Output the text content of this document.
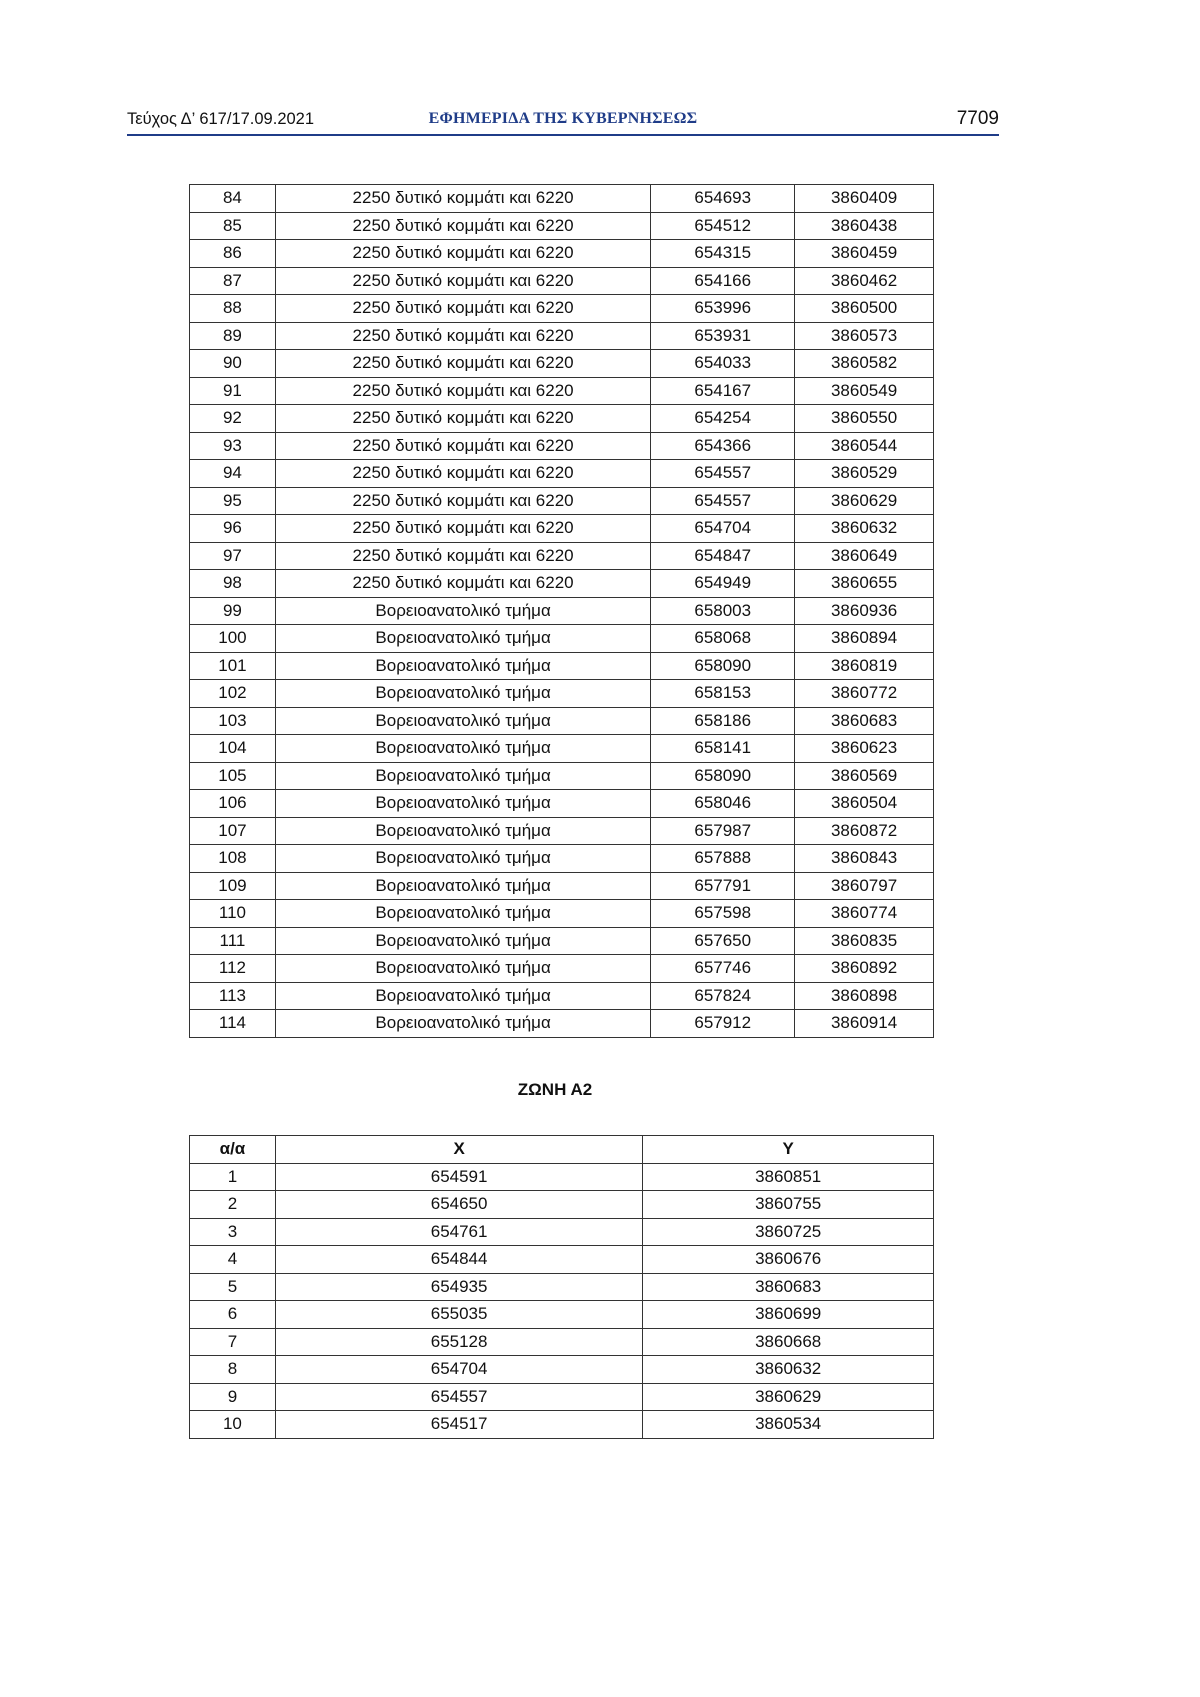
Τεύχος Δ’ 617/17.09.2021	ΕΦΗΜΕΡΙΔΑ ΤΗΣ ΚΥΒΕΡΝΗΣΕΩΣ	7709
84	2250 δυτικό κομμάτι και 6220	654693	3860409
85	2250 δυτικό κομμάτι και 6220	654512	3860438
86	2250 δυτικό κομμάτι και 6220	654315	3860459
87	2250 δυτικό κομμάτι και 6220	654166	3860462
88	2250 δυτικό κομμάτι και 6220	653996	3860500
89	2250 δυτικό κομμάτι και 6220	653931	3860573
90	2250 δυτικό κομμάτι και 6220	654033	3860582
91	2250 δυτικό κομμάτι και 6220	654167	3860549
92	2250 δυτικό κομμάτι και 6220	654254	3860550
93	2250 δυτικό κομμάτι και 6220	654366	3860544
94	2250 δυτικό κομμάτι και 6220	654557	3860529
95	2250 δυτικό κομμάτι και 6220	654557	3860629
96	2250 δυτικό κομμάτι και 6220	654704	3860632
97	2250 δυτικό κομμάτι και 6220	654847	3860649
98	2250 δυτικό κομμάτι και 6220	654949	3860655
99	Βορειοανατολικό τμήμα	658003	3860936
100	Βορειοανατολικό τμήμα	658068	3860894
101	Βορειοανατολικό τμήμα	658090	3860819
102	Βορειοανατολικό τμήμα	658153	3860772
103	Βορειοανατολικό τμήμα	658186	3860683
104	Βορειοανατολικό τμήμα	658141	3860623
105	Βορειοανατολικό τμήμα	658090	3860569
106	Βορειοανατολικό τμήμα	658046	3860504
107	Βορειοανατολικό τμήμα	657987	3860872
108	Βορειοανατολικό τμήμα	657888	3860843
109	Βορειοανατολικό τμήμα	657791	3860797
110	Βορειοανατολικό τμήμα	657598	3860774
111	Βορειοανατολικό τμήμα	657650	3860835
112	Βορειοανατολικό τμήμα	657746	3860892
113	Βορειοανατολικό τμήμα	657824	3860898
114	Βορειοανατολικό τμήμα	657912	3860914
ΖΩΝΗ Α2
α/α	Χ	Υ
1	654591	3860851
2	654650	3860755
3	654761	3860725
4	654844	3860676
5	654935	3860683
6	655035	3860699
7	655128	3860668
8	654704	3860632
9	654557	3860629
10	654517	3860534
